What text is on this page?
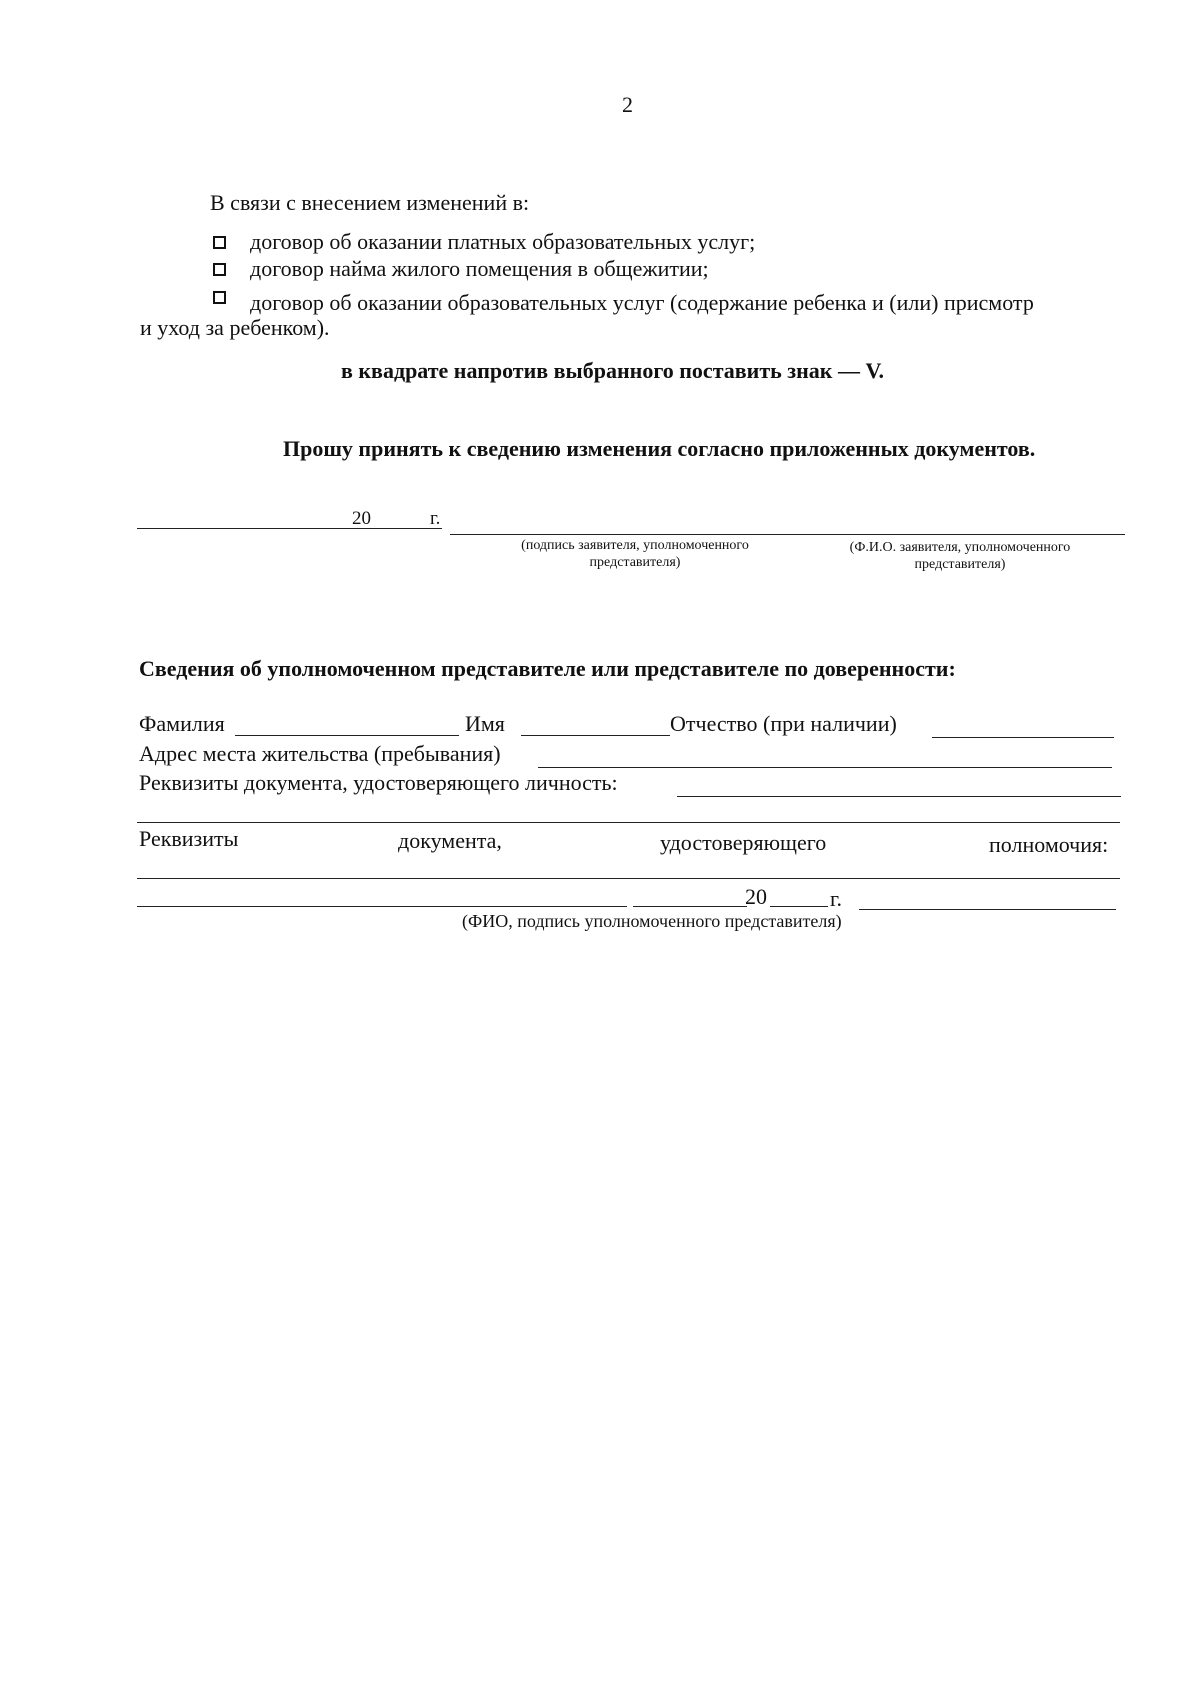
2
В связи с внесением изменений в:
договор об оказании платных образовательных услуг;
договор найма жилого помещения в общежитии;
договор об оказании образовательных услуг (содержание ребенка и (или) присмотр
и уход за ребенком).
в квадрате напротив выбранного поставить знак — V.
Прошу принять к сведению изменения согласно приложенных документов.
20	г.
(подпись заявителя, уполномоченного представителя)
(Ф.И.О. заявителя, уполномоченного представителя)
Сведения об уполномоченном представителе или представителе по доверенности:
Фамилия	Имя	Отчество (при наличии)
Адрес места жительства (пребывания)
Реквизиты документа, удостоверяющего личность:
Реквизиты	документа,	удостоверяющего	полномочия:
20	г.
(ФИО, подпись уполномоченного представителя)
